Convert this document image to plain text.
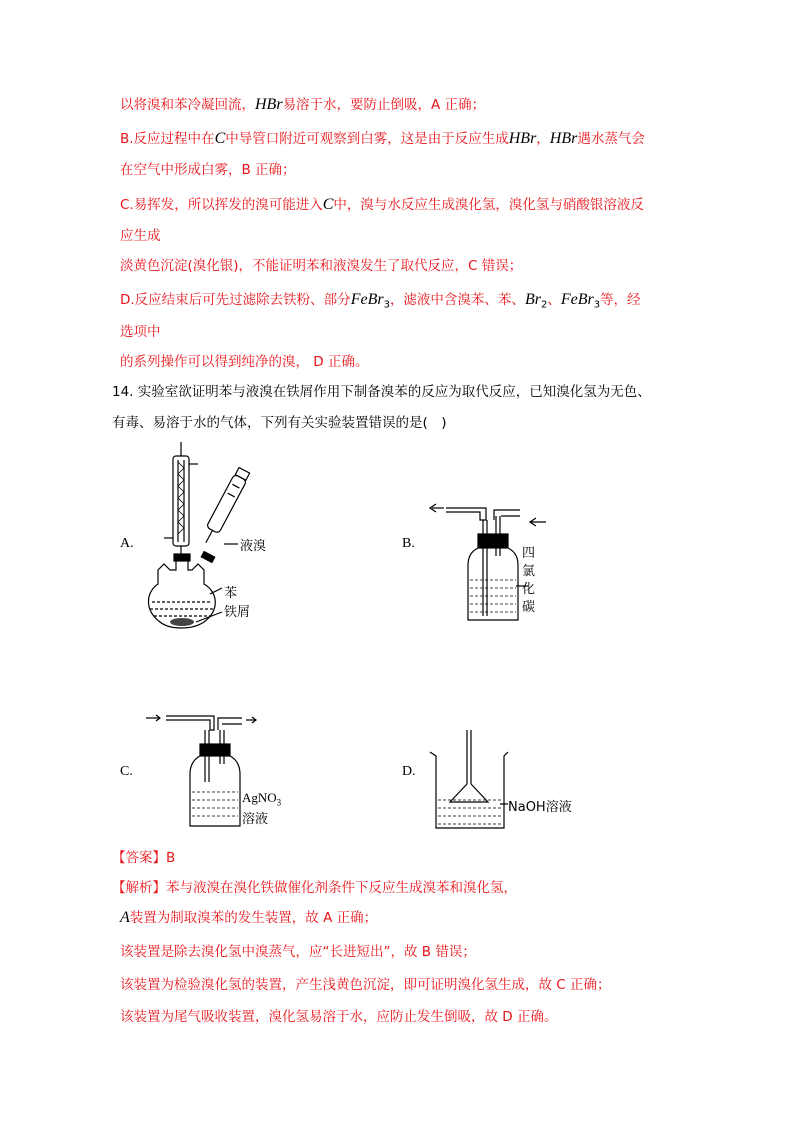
以将溴和苯冷凝回流，HBr易溶于水，要防止倒吸，A 正确；
B.反应过程中在C中导管口附近可观察到白雾，这是由于反应生成HBr，HBr遇水蒸气会
在空气中形成白雾，B 正确；
C.易挥发，所以挥发的溴可能进入C中，溴与水反应生成溴化氢，溴化氢与硝酸银溶液反
应生成
淡黄色沉淀(溴化银)，不能证明苯和液溴发生了取代反应，C 错误；
D.反应结束后可先过滤除去铁粉、部分FeBr$_3$，滤液中含溴苯、苯、$Br_2$、FeBr$_3$等，经
选项中
的系列操作可以得到纯净的溴， D 正确。
14. 实验室欲证明苯与液溴在铁屑作用下制备溴苯的反应为取代反应，已知溴化氢为无色、
有毒、易溶于水的气体，下列有关实验装置错误的是(　)
A.	B.
C.	D.
液溴
苯
铁屑
四
氯
化
碳
AgNO$_3$
溶液
NaOH溶液
【答案】B
【解析】苯与液溴在溴化铁做催化剂条件下反应生成溴苯和溴化氢，
A装置为制取溴苯的发生装置，故 A 正确；
该装置是除去溴化氢中溴蒸气，应“长进短出”，故 B 错误；
该装置为检验溴化氢的装置，产生浅黄色沉淀，即可证明溴化氢生成，故 C 正确；
该装置为尾气吸收装置，溴化氢易溶于水，应防止发生倒吸，故 D 正确。
